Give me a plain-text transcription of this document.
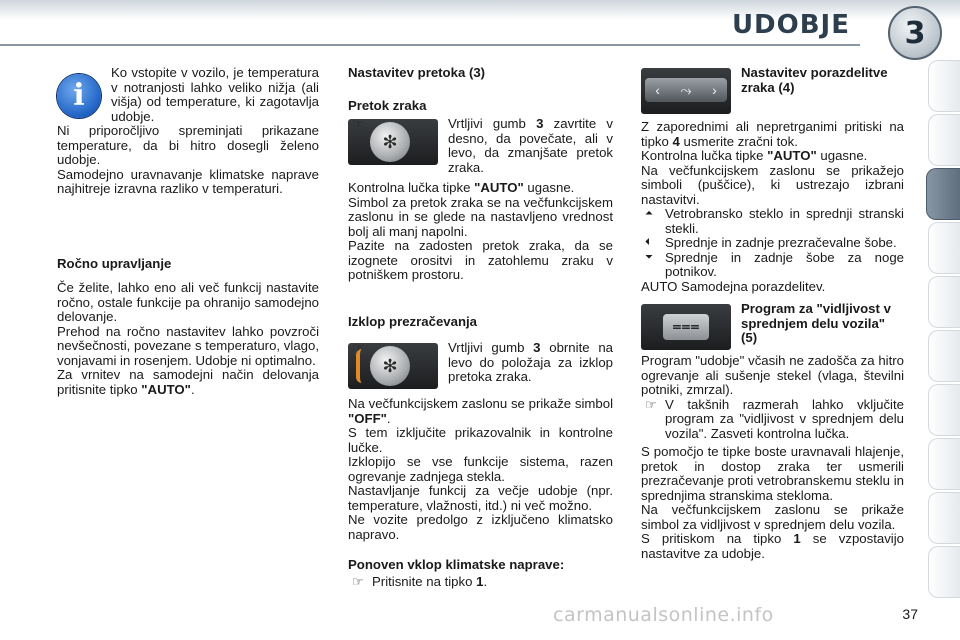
UDOBJE	3
i

Ko vstopite v vozilo, je temperatura v notranjosti lahko veliko nižja (ali višja) od temperature, ki zagotavlja udobje.

Ni priporočljivo spreminjati prikazane temperature, da bi hitro dosegli želeno udobje.

Samodejno uravnavanje klimatske naprave najhitreje izravna razliko v temperaturi.

Ročno upravljanje

Če želite, lahko eno ali več funkcij nastavite ročno, ostale funkcije pa ohranijo samodejno delovanje.

Prehod na ročno nastavitev lahko povzroči nevšečnosti, povezane s temperaturo, vlago, vonjavami in rosenjem. Udobje ni optimalno.

Za vrnitev na samodejni način delovanja pritisnite tipko "AUTO".

Nastavitev pretoka (3)
Pretok zraka
✻

☞	Vrtljivi gumb 3 zavrtite v desno, da povečate, ali v levo, da zmanjšate pretok zraka.

Kontrolna lučka tipke "AUTO" ugasne.

Simbol za pretok zraka se na večfunkcijskem zaslonu in se glede na nastavljeno vrednost bolj ali manj napolni.

Pazite na zadosten pretok zraka, da se izognete orositvi in zatohlemu zraku v potniškem prostoru.

Izklop prezračevanja
✻

☞	Vrtljivi gumb 3 obrnite na levo do položaja za izklop pretoka zraka.

Na večfunkcijskem zaslonu se prikaže simbol "OFF".

S tem izključite prikazovalnik in kontrolne lučke.

Izklopijo se vse funkcije sistema, razen ogrevanje zadnjega stekla.

Nastavljanje funkcij za večje udobje (npr. temperature, vlažnosti, itd.) ni več možno.

Ne vozite predolgo z izključeno klimatsko napravo.

Ponoven vklop klimatske naprave:

☞ Pritisnite na tipko 1.

‹ ⤳ ›
Nastavitev porazdelitve zraka (4)

Z zaporednimi ali nepretrganimi pritiski na tipko 4 usmerite zračni tok.

Kontrolna lučka tipke "AUTO" ugasne.

Na večfunkcijskem zaslonu se prikažejo simboli (puščice), ki ustrezajo izbrani nastavitvi.

⏶ Vetrobransko steklo in sprednji stranski stekli.

⏴ Sprednje in zadnje prezračevalne šobe.

⏷ Sprednje in zadnje šobe za noge potnikov.

AUTO Samodejna porazdelitev.

⩶
Program za "vidljivost v sprednjem delu vozila" (5)

Program "udobje" včasih ne zadošča za hitro ogrevanje ali sušenje stekel (vlaga, številni potniki, zmrzal).

☞ V takšnih razmerah lahko vključite program za "vidljivost v sprednjem delu vozila". Zasveti kontrolna lučka.

S pomočjo te tipke boste uravnavali hlajenje, pretok in dostop zraka ter usmerili prezračevanje proti vetrobranskemu steklu in sprednjima stranskima stekloma.

Na večfunkcijskem zaslonu se prikaže simbol za vidljivost v sprednjem delu vozila.

S pritiskom na tipko 1 se vzpostavijo nastavitve za udobje.

carmanualsonline.info	37
